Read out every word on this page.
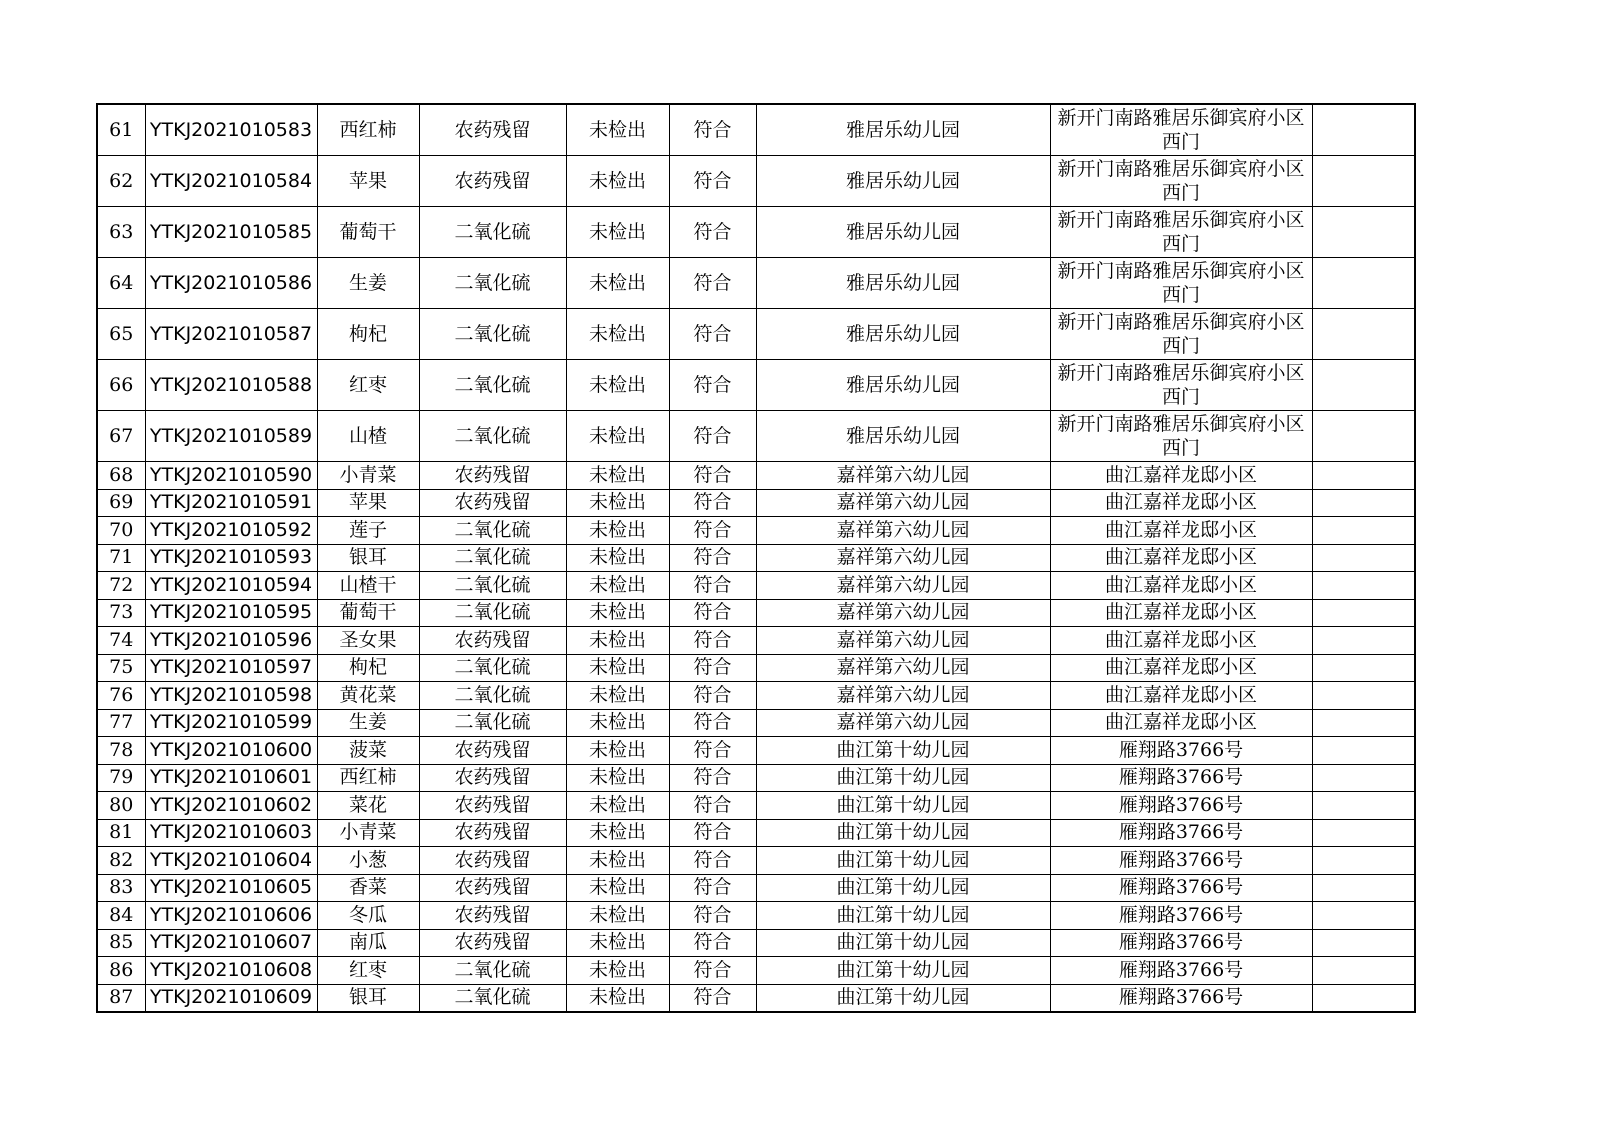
61	YTKJ2021010583	西红柿	农药残留	未检出	符合	雅居乐幼儿园	新开门南路雅居乐御宾府小区西门	
62	YTKJ2021010584	苹果	农药残留	未检出	符合	雅居乐幼儿园	新开门南路雅居乐御宾府小区西门	
63	YTKJ2021010585	葡萄干	二氧化硫	未检出	符合	雅居乐幼儿园	新开门南路雅居乐御宾府小区西门	
64	YTKJ2021010586	生姜	二氧化硫	未检出	符合	雅居乐幼儿园	新开门南路雅居乐御宾府小区西门	
65	YTKJ2021010587	枸杞	二氧化硫	未检出	符合	雅居乐幼儿园	新开门南路雅居乐御宾府小区西门	
66	YTKJ2021010588	红枣	二氧化硫	未检出	符合	雅居乐幼儿园	新开门南路雅居乐御宾府小区西门	
67	YTKJ2021010589	山楂	二氧化硫	未检出	符合	雅居乐幼儿园	新开门南路雅居乐御宾府小区西门	
68	YTKJ2021010590	小青菜	农药残留	未检出	符合	嘉祥第六幼儿园	曲江嘉祥龙邸小区	
69	YTKJ2021010591	苹果	农药残留	未检出	符合	嘉祥第六幼儿园	曲江嘉祥龙邸小区	
70	YTKJ2021010592	莲子	二氧化硫	未检出	符合	嘉祥第六幼儿园	曲江嘉祥龙邸小区	
71	YTKJ2021010593	银耳	二氧化硫	未检出	符合	嘉祥第六幼儿园	曲江嘉祥龙邸小区	
72	YTKJ2021010594	山楂干	二氧化硫	未检出	符合	嘉祥第六幼儿园	曲江嘉祥龙邸小区	
73	YTKJ2021010595	葡萄干	二氧化硫	未检出	符合	嘉祥第六幼儿园	曲江嘉祥龙邸小区	
74	YTKJ2021010596	圣女果	农药残留	未检出	符合	嘉祥第六幼儿园	曲江嘉祥龙邸小区	
75	YTKJ2021010597	枸杞	二氧化硫	未检出	符合	嘉祥第六幼儿园	曲江嘉祥龙邸小区	
76	YTKJ2021010598	黄花菜	二氧化硫	未检出	符合	嘉祥第六幼儿园	曲江嘉祥龙邸小区	
77	YTKJ2021010599	生姜	二氧化硫	未检出	符合	嘉祥第六幼儿园	曲江嘉祥龙邸小区	
78	YTKJ2021010600	菠菜	农药残留	未检出	符合	曲江第十幼儿园	雁翔路3766号	
79	YTKJ2021010601	西红柿	农药残留	未检出	符合	曲江第十幼儿园	雁翔路3766号	
80	YTKJ2021010602	菜花	农药残留	未检出	符合	曲江第十幼儿园	雁翔路3766号	
81	YTKJ2021010603	小青菜	农药残留	未检出	符合	曲江第十幼儿园	雁翔路3766号	
82	YTKJ2021010604	小葱	农药残留	未检出	符合	曲江第十幼儿园	雁翔路3766号	
83	YTKJ2021010605	香菜	农药残留	未检出	符合	曲江第十幼儿园	雁翔路3766号	
84	YTKJ2021010606	冬瓜	农药残留	未检出	符合	曲江第十幼儿园	雁翔路3766号	
85	YTKJ2021010607	南瓜	农药残留	未检出	符合	曲江第十幼儿园	雁翔路3766号	
86	YTKJ2021010608	红枣	二氧化硫	未检出	符合	曲江第十幼儿园	雁翔路3766号	
87	YTKJ2021010609	银耳	二氧化硫	未检出	符合	曲江第十幼儿园	雁翔路3766号	
